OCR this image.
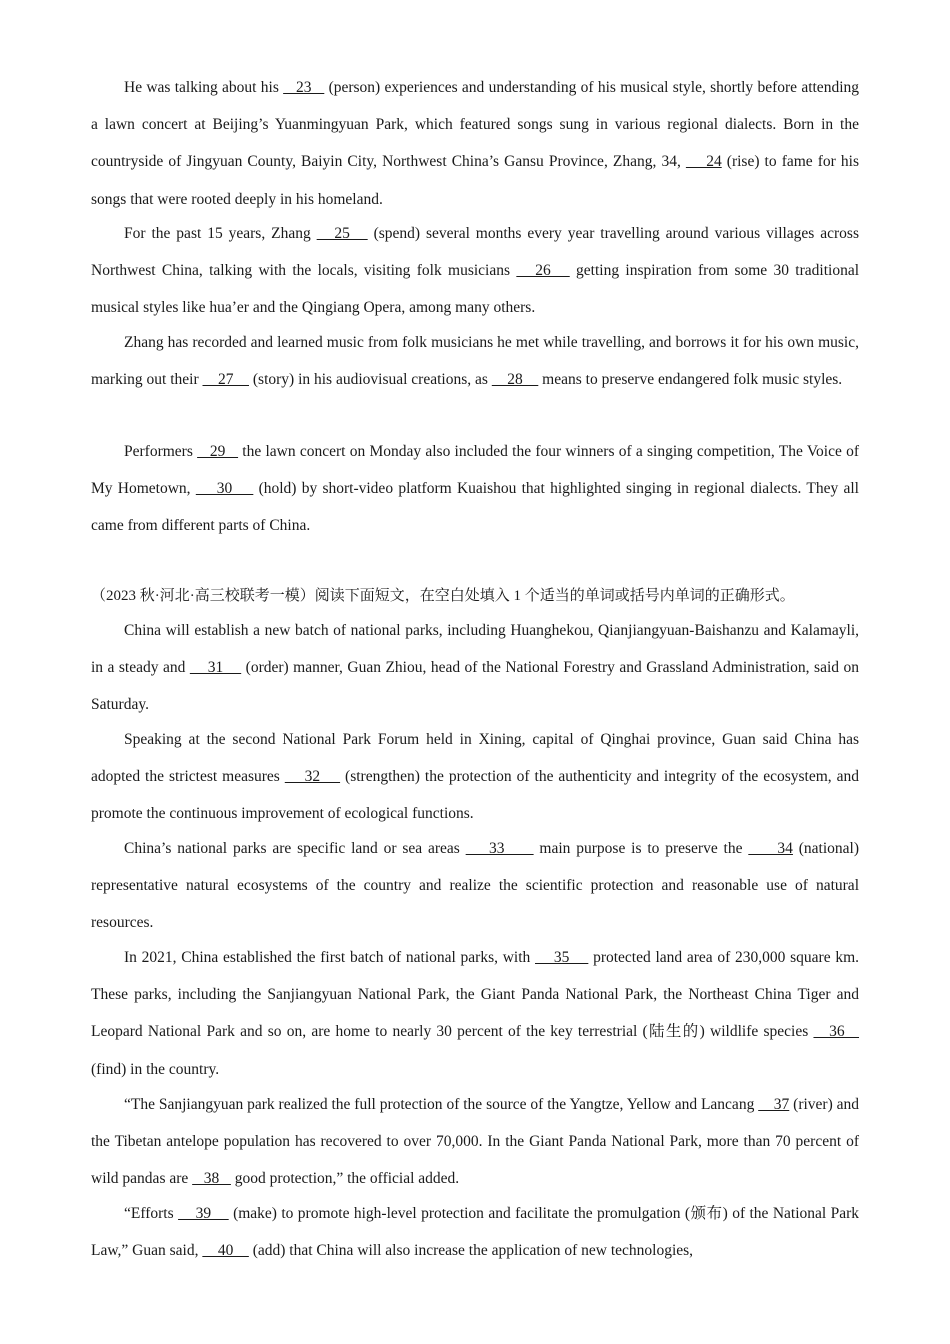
He was talking about his    23    (person) experiences and understanding of his musical style, shortly before attending a lawn concert at Beijing’s Yuanmingyuan Park, which featured songs sung in various regional dialects. Born in the countryside of Jingyuan County, Baiyin City, Northwest China’s Gansu Province, Zhang, 34,     24 (rise) to fame for his songs that were rooted deeply in his homeland.

For the past 15 years, Zhang    25    (spend) several months every year travelling around various villages across Northwest China, talking with the locals, visiting folk musicians    26    getting inspiration from some 30 traditional musical styles like hua’er and the Qingiang Opera, among many others.

Zhang has recorded and learned music from folk musicians he met while travelling, and borrows it for his own music, marking out their     27     (story) in his audiovisual creations, as     28     means to preserve endangered folk music styles.

Performers    29    the lawn concert on Monday also included the four winners of a singing competition, The Voice of My Hometown,     30     (hold) by short-video platform Kuaishou that highlighted singing in regional dialects. They all came from different parts of China.

（2023 秋·河北·高三校联考一模）阅读下面短文，在空白处填入 1 个适当的单词或括号内单词的正确形式。

China will establish a new batch of national parks, including Huanghekou, Qianjiangyuan-Baishanzu and Kalamayli, in a steady and     31     (order) manner, Guan Zhiou, head of the National Forestry and Grassland Administration, said on Saturday.

Speaking at the second National Park Forum held in Xining, capital of Qinghai province, Guan said China has adopted the strictest measures     32     (strengthen) the protection of the authenticity and integrity of the ecosystem, and promote the continuous improvement of ecological functions.

China’s national parks are specific land or sea areas     33      main purpose is to preserve the      34 (national) representative natural ecosystems of the country and realize the scientific protection and reasonable use of natural resources.

In 2021, China established the first batch of national parks, with     35     protected land area of 230,000 square km. These parks, including the Sanjiangyuan National Park, the Giant Panda National Park, the Northeast China Tiger and Leopard National Park and so on, are home to nearly 30 percent of the key terrestrial (陆生的) wildlife species    36    (find) in the country.

“The Sanjiangyuan park realized the full protection of the source of the Yangtze, Yellow and Lancang     37 (river) and the Tibetan antelope population has recovered to over 70,000. In the Giant Panda National Park, more than 70 percent of wild pandas are    38    good protection,” the official added.

“Efforts     39     (make) to promote high-level protection and facilitate the promulgation (颁布) of the National Park Law,” Guan said,     40     (add) that China will also increase the application of new technologies,
